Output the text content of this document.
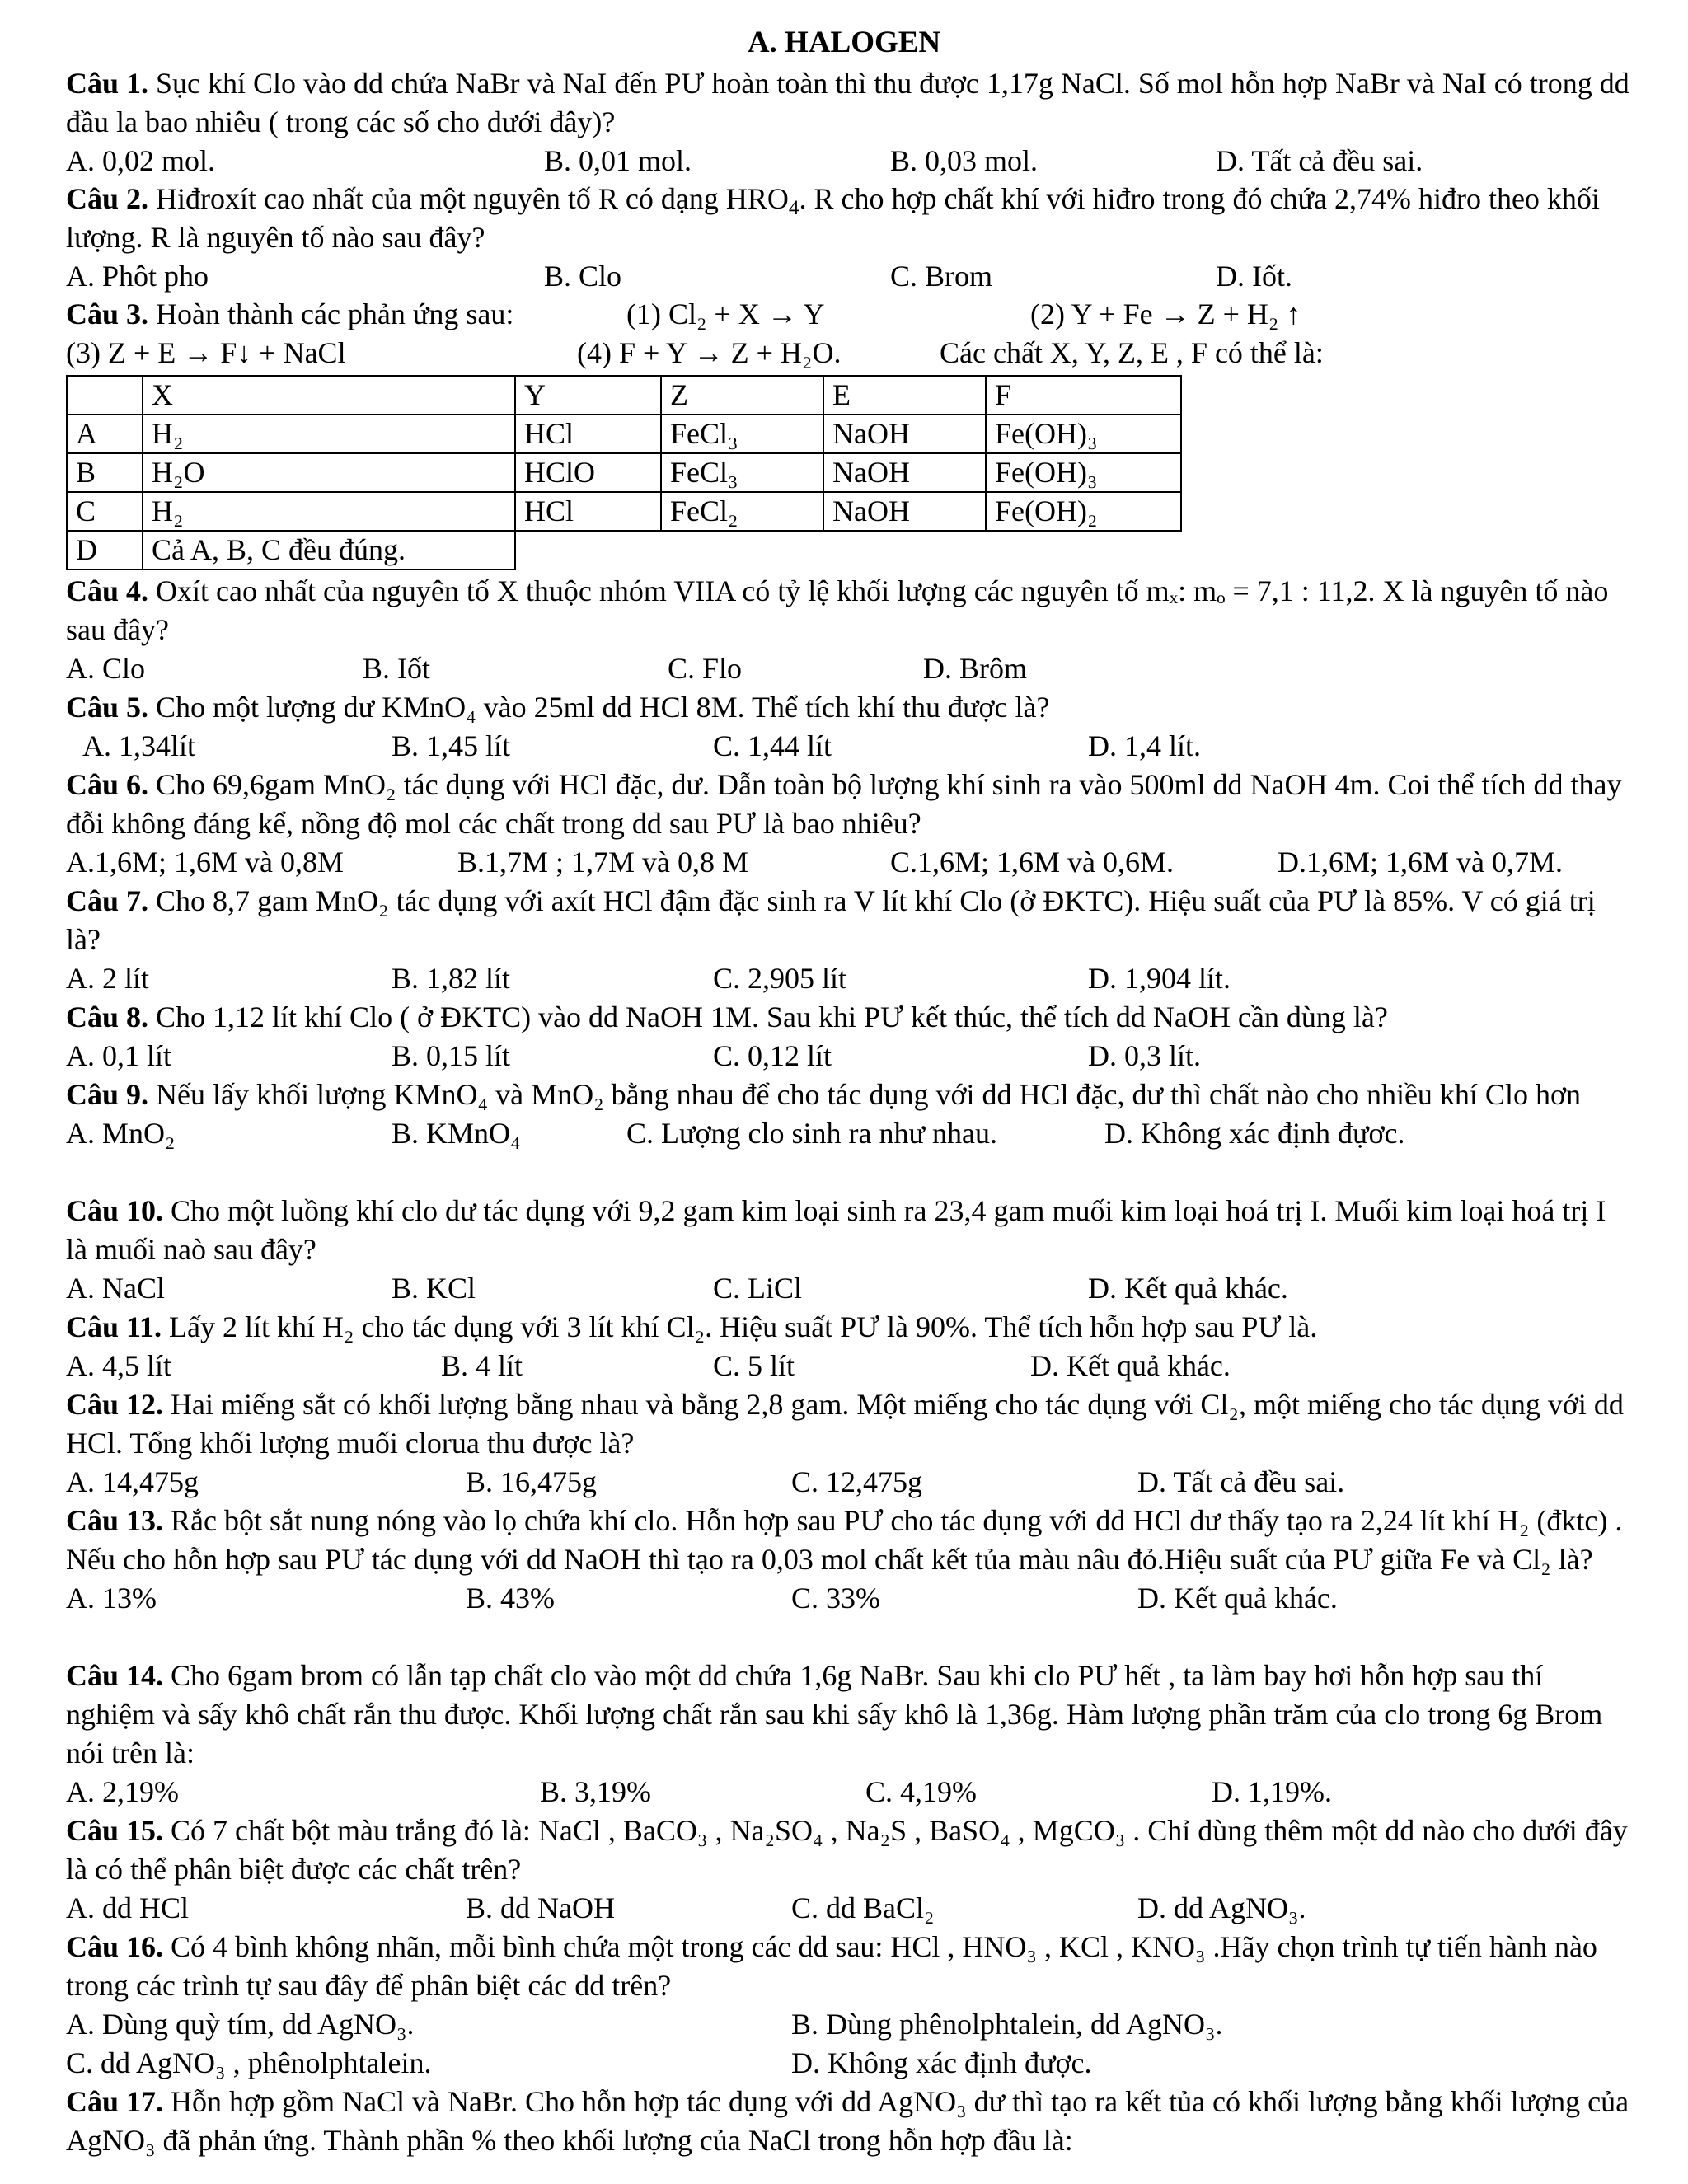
A. HALOGEN
Câu 1. Sục khí Clo vào dd chứa NaBr và NaI đến PƯ hoàn toàn thì thu được 1,17g NaCl. Số mol hỗn hợp NaBr và NaI có trong dd đầu la bao nhiêu ( trong các số cho dưới đây)?
A. 0,02 mol.	B. 0,01 mol.	B. 0,03 mol.	D. Tất cả đều sai.
Câu 2. Hiđroxít cao nhất của một nguyên tố R có dạng $HRO_4$. R cho hợp chất khí với hiđro trong đó chứa 2,74% hiđro theo khối lượng. R là nguyên tố nào sau đây?
A. Phôt pho	B. Clo	C. Brom	D. Iốt.
Câu 3. Hoàn thành các phản ứng sau:	(1) Cl₂ + X → Y	(2) Y + Fe → Z + H₂ ↑
(3) Z + E → F↓ + NaCl	(4) F + Y → Z + H₂O.	Các chất X, Y, Z, E , F có thể là:
	X	Y	Z	E	F
A	H₂	HCl	FeCl₃	NaOH	Fe(OH)₃
B	H₂O	HClO	FeCl₃	NaOH	Fe(OH)₃
C	H₂	HCl	FeCl₂	NaOH	Fe(OH)₂
D	Cả A, B, C đều đúng.				
Câu 4. Oxít cao nhất của nguyên tố X thuộc nhóm VIIA có tỷ lệ khối lượng các nguyên tố mₓ: mₒ = 7,1 : 11,2. X là nguyên tố nào sau đây?
A. Clo	B. Iốt	C. Flo	D. Brôm
Câu 5. Cho một lượng dư KMnO₄ vào 25ml dd HCl 8M. Thể tích khí thu được là?
A. 1,34lít	B. 1,45 lít	C. 1,44 lít	D. 1,4 lít.
Câu 6. Cho 69,6gam MnO₂ tác dụng với HCl đặc, dư. Dẫn toàn bộ lượng khí sinh ra vào 500ml dd NaOH 4m. Coi thể tích dd thay đỗi không đáng kể, nồng độ mol các chất trong dd sau PƯ là bao nhiêu?
A.1,6M; 1,6M và 0,8M	B.1,7M ; 1,7M và 0,8 M	C.1,6M; 1,6M và 0,6M.	D.1,6M; 1,6M và 0,7M.
Câu 7. Cho 8,7 gam MnO₂ tác dụng với axít HCl đậm đặc sinh ra V lít khí Clo (ở ĐKTC). Hiệu suất của PƯ là 85%. V có giá trị là?
A. 2 lít	B. 1,82 lít	C. 2,905 lít	D. 1,904 lít.
Câu 8. Cho 1,12 lít khí Clo ( ở ĐKTC) vào dd NaOH 1M. Sau khi PƯ kết thúc, thể tích dd NaOH cần dùng là?
A. 0,1 lít	B. 0,15 lít	C. 0,12 lít	D. 0,3 lít.
Câu 9. Nếu lấy khối lượng KMnO₄ và MnO₂ bằng nhau để cho tác dụng với dd HCl đặc, dư thì chất nào cho nhiều khí Clo hơn
A. MnO₂	B. KMnO₄	C. Lượng clo sinh ra như nhau.	D. Không xác định đựơc.
Câu 10. Cho một luồng khí clo dư tác dụng với 9,2 gam kim loại sinh ra 23,4 gam muối kim loại hoá trị I. Muối kim loại hoá trị I là muối naò sau đây?
A. NaCl	B. KCl	C. LiCl	D. Kết quả khác.
Câu 11. Lấy 2 lít khí H₂ cho tác dụng với 3 lít khí Cl₂. Hiệu suất PƯ là 90%. Thể tích hỗn hợp sau PƯ là.
A. 4,5 lít	B. 4 lít	C. 5 lít	D. Kết quả khác.
Câu 12. Hai miếng sắt có khối lượng bằng nhau và bằng 2,8 gam. Một miếng cho tác dụng với Cl₂, một miếng cho tác dụng với dd HCl. Tổng khối lượng muối clorua thu được là?
A. 14,475g	B. 16,475g	C. 12,475g	D. Tất cả đều sai.
Câu 13. Rắc bột sắt nung nóng vào lọ chứa khí clo. Hỗn hợp sau PƯ cho tác dụng với dd HCl dư thấy tạo ra 2,24 lít khí H₂ (đktc) . Nếu cho hỗn hợp sau PƯ tác dụng với dd NaOH thì tạo ra 0,03 mol chất kết tủa màu nâu đỏ.Hiệu suất của PƯ giữa Fe và Cl₂ là?
A. 13%	B. 43%	C. 33%	D. Kết quả khác.
Câu 14. Cho 6gam brom có lẫn tạp chất clo vào một dd chứa 1,6g NaBr. Sau khi clo PƯ hết , ta làm bay hơi hỗn hợp sau thí nghiệm và sấy khô chất rắn thu được. Khối lượng chất rắn sau khi sấy khô là 1,36g. Hàm lượng phần trăm của clo trong 6g Brom nói trên là:
A. 2,19%	B. 3,19%	C. 4,19%	D. 1,19%.
Câu 15. Có 7 chất bột màu trắng đó là: NaCl , BaCO₃ , Na₂SO₄ , Na₂S , BaSO₄ , MgCO₃ . Chỉ dùng thêm một dd nào cho dưới đây là có thể phân biệt được các chất trên?
A. dd HCl	B. dd NaOH	C. dd BaCl₂	D. dd AgNO₃.
Câu 16. Có 4 bình không nhãn, mỗi bình chứa một trong các dd sau: HCl , HNO₃ , KCl , KNO₃ .Hãy chọn trình tự tiến hành nào trong các trình tự sau đây để phân biệt các dd trên?
A. Dùng quỳ tím, dd AgNO₃.	B. Dùng phênolphtalein, dd AgNO₃.
C. dd AgNO₃ , phênolphtalein.	D. Không xác định được.
Câu 17. Hỗn hợp gồm NaCl và NaBr. Cho hỗn hợp tác dụng với dd AgNO₃ dư thì tạo ra kết tủa có khối lượng bằng khối lượng của AgNO₃ đã phản ứng. Thành phần % theo khối lượng của NaCl trong hỗn hợp đầu là:
